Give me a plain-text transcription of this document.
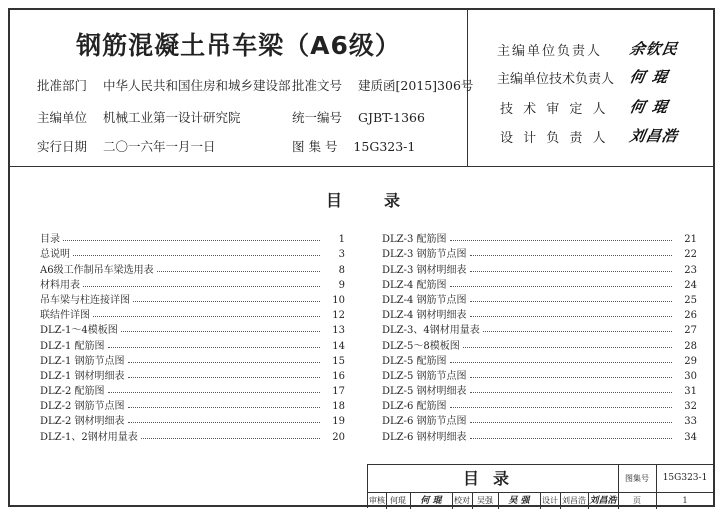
钢筋混凝土吊车梁（A6级）
批准部门 中华人民共和国住房和城乡建设部 批准文号 建质函[2015]306号
主编单位 机械工业第一设计研究院	统一编号 GJBT-1366
实行日期 二〇一六年一月一日	图 集 号 15G323-1
主编单位负责人 余钦民
主编单位技术负责人 何 琨
技 术 审 定 人 何 琨
设 计 负 责 人 刘昌浩
目	录
目录	1
总说明	3
A6级工作制吊车梁选用表	8
材料用表	9
吊车梁与柱连接详图	10
联结件详图	12
DLZ-1～4模板图	13
DLZ-1 配筋图	14
DLZ-1 钢筋节点图	15
DLZ-1 钢材明细表	16
DLZ-2 配筋图	17
DLZ-2 钢筋节点图	18
DLZ-2 钢材明细表	19
DLZ-1、2钢材用量表	20
DLZ-3 配筋图	21
DLZ-3 钢筋节点图	22
DLZ-3 钢材明细表	23
DLZ-4 配筋图	24
DLZ-4 钢筋节点图	25
DLZ-4 钢材明细表	26
DLZ-3、4钢材用量表	27
DLZ-5～8模板图	28
DLZ-5 配筋图	29
DLZ-5 钢筋节点图	30
DLZ-5 钢材明细表	31
DLZ-6 配筋图	32
DLZ-6 钢筋节点图	33
DLZ-6 钢材明细表	34
目录	图集号	15G323-1
审核 何琨	何 琨	校对 吴强	吴 强	设计 刘昌浩 刘昌浩	页	1
